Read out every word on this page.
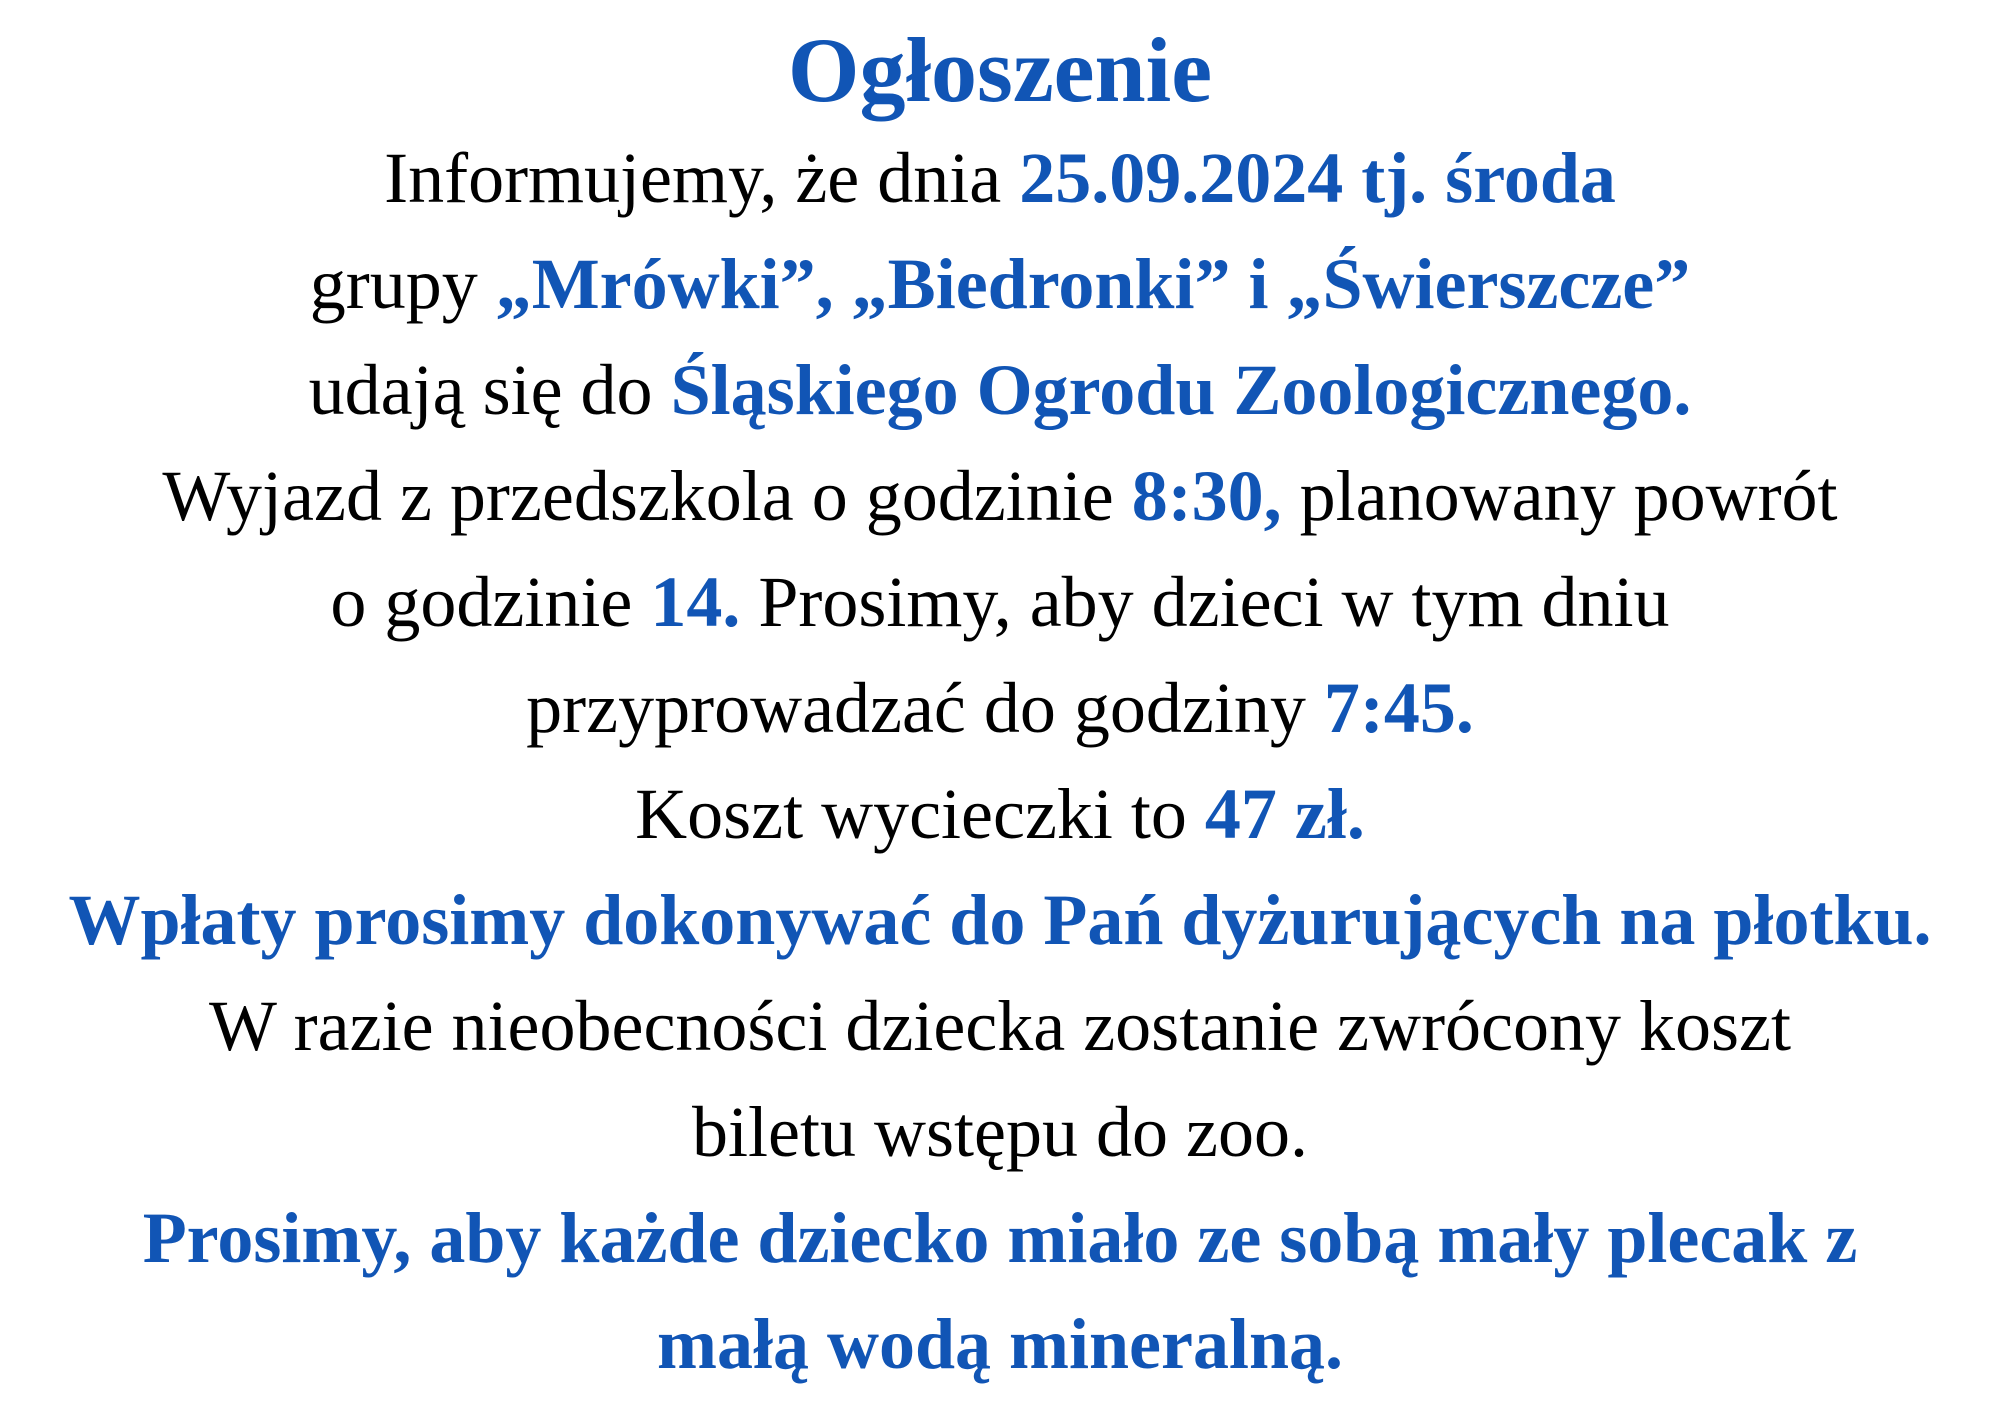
Ogłoszenie
Informujemy, że dnia 25.09.2024 tj. środa
grupy „Mrówki”, „Biedronki” i „Świerszcze”
udają się do Śląskiego Ogrodu Zoologicznego.
Wyjazd z przedszkola o godzinie 8:30, planowany powrót
o godzinie 14. Prosimy, aby dzieci w tym dniu
przyprowadzać do godziny 7:45.
Koszt wycieczki to 47 zł.
Wpłaty prosimy dokonywać do Pań dyżurujących na płotku.
W razie nieobecności dziecka zostanie zwrócony koszt
biletu wstępu do zoo.
Prosimy, aby każde dziecko miało ze sobą mały plecak z
małą wodą mineralną.
